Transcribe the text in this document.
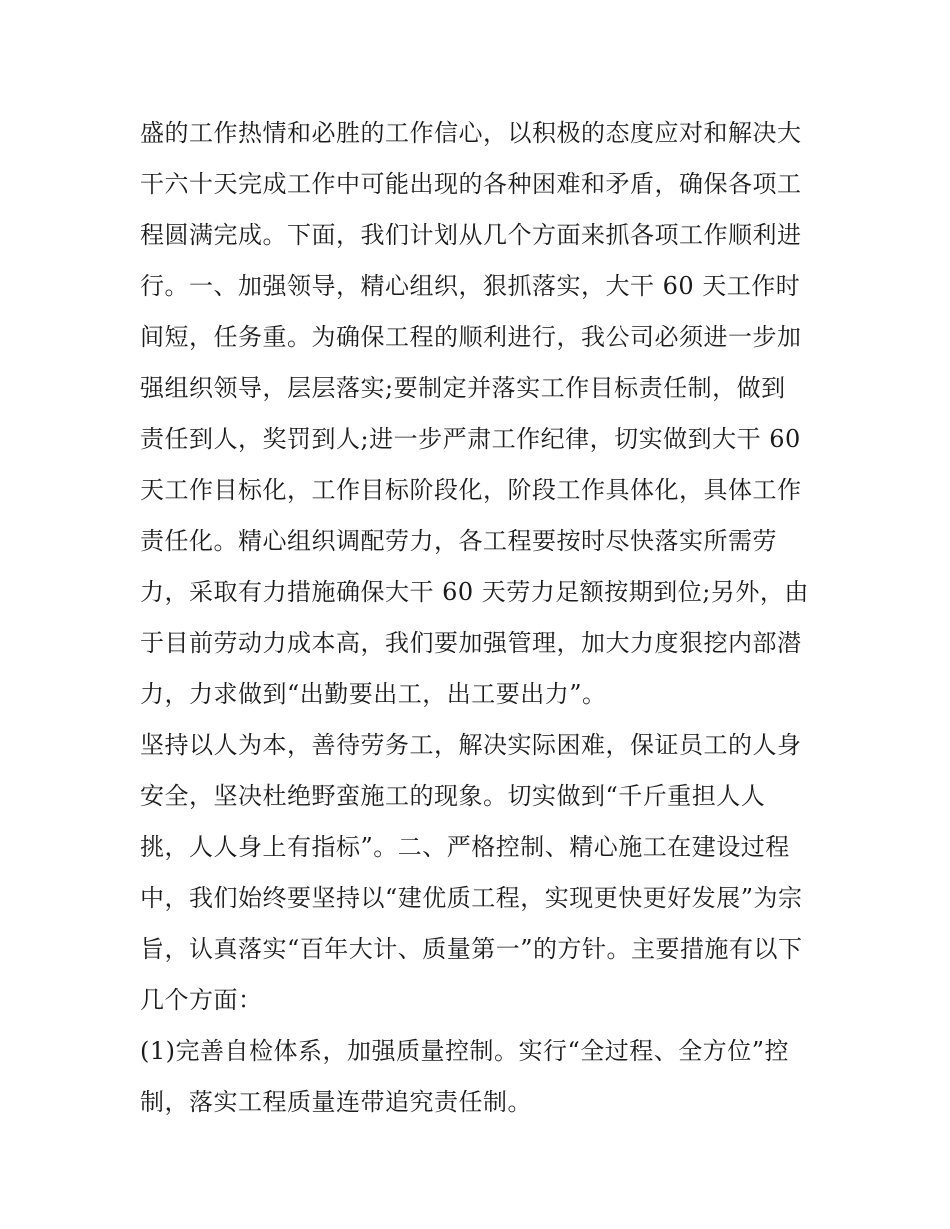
盛的工作热情和必胜的工作信心，以积极的态度应对和解决大
干六十天完成工作中可能出现的各种困难和矛盾，确保各项工
程圆满完成。下面，我们计划从几个方面来抓各项工作顺利进
行。一、加强领导，精心组织，狠抓落实，大干 60 天工作时
间短，任务重。为确保工程的顺利进行，我公司必须进一步加
强组织领导，层层落实;要制定并落实工作目标责任制，做到
责任到人，奖罚到人;进一步严肃工作纪律，切实做到大干 60
天工作目标化，工作目标阶段化，阶段工作具体化，具体工作
责任化。精心组织调配劳力，各工程要按时尽快落实所需劳
力，采取有力措施确保大干 60 天劳力足额按期到位;另外，由
于目前劳动力成本高，我们要加强管理，加大力度狠挖内部潜
力，力求做到“出勤要出工，出工要出力”。
坚持以人为本，善待劳务工，解决实际困难，保证员工的人身
安全，坚决杜绝野蛮施工的现象。切实做到“千斤重担人人
挑，人人身上有指标”。二、严格控制、精心施工在建设过程
中，我们始终要坚持以“建优质工程，实现更快更好发展”为宗
旨，认真落实“百年大计、质量第一”的方针。主要措施有以下
几个方面：
(1)完善自检体系，加强质量控制。实行“全过程、全方位”控
制，落实工程质量连带追究责任制。
